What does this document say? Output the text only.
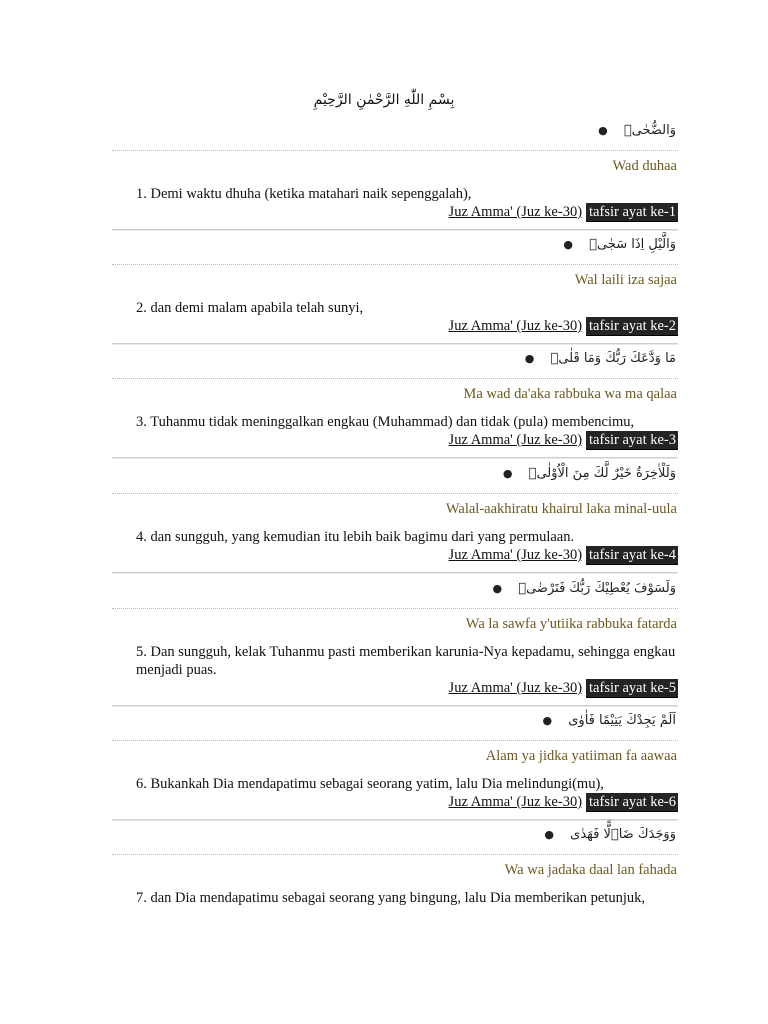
بِسْمِ اللّٰهِ الرَّحْمٰنِ الرَّحِيْمِ
وَالضُّحٰىۙ ●
Wad duhaa
1. Demi waktu dhuha (ketika matahari naik sepenggalah),
Juz Amma' (Juz ke-30) tafsir ayat ke-1
وَالَّيْلِ اِذَا سَجٰىۙ ●
Wal laili iza sajaa
2. dan demi malam apabila telah sunyi,
Juz Amma' (Juz ke-30) tafsir ayat ke-2
مَا وَدَّعَكَ رَبُّكَ وَمَا قَلٰىۗ ●
Ma wad da'aka rabbuka wa ma qalaa
3. Tuhanmu tidak meninggalkan engkau (Muhammad) dan tidak (pula) membencimu,
Juz Amma' (Juz ke-30) tafsir ayat ke-3
وَلَلْاٰخِرَةُ خَيْرٌ لَّكَ مِنَ الْاُوْلٰىۗ ●
Walal-aakhiratu khairul laka minal-uula
4. dan sungguh, yang kemudian itu lebih baik bagimu dari yang permulaan.
Juz Amma' (Juz ke-30) tafsir ayat ke-4
وَلَسَوْفَ يُعْطِيْكَ رَبُّكَ فَتَرْضٰىۗ ●
Wa la sawfa y'utiika rabbuka fatarda
5. Dan sungguh, kelak Tuhanmu pasti memberikan karunia-Nya kepadamu, sehingga engkau menjadi puas.
Juz Amma' (Juz ke-30) tafsir ayat ke-5
اَلَمْ يَجِدْكَ يَتِيْمًا فَاٰوٰى ●
Alam ya jidka yatiiman fa aawaa
6. Bukankah Dia mendapatimu sebagai seorang yatim, lalu Dia melindungi(mu),
Juz Amma' (Juz ke-30) tafsir ayat ke-6
وَوَجَدَكَ ضَاۤلًّا فَهَدٰى ●
Wa wa jadaka daal lan fahada
7. dan Dia mendapatimu sebagai seorang yang bingung, lalu Dia memberikan petunjuk,
